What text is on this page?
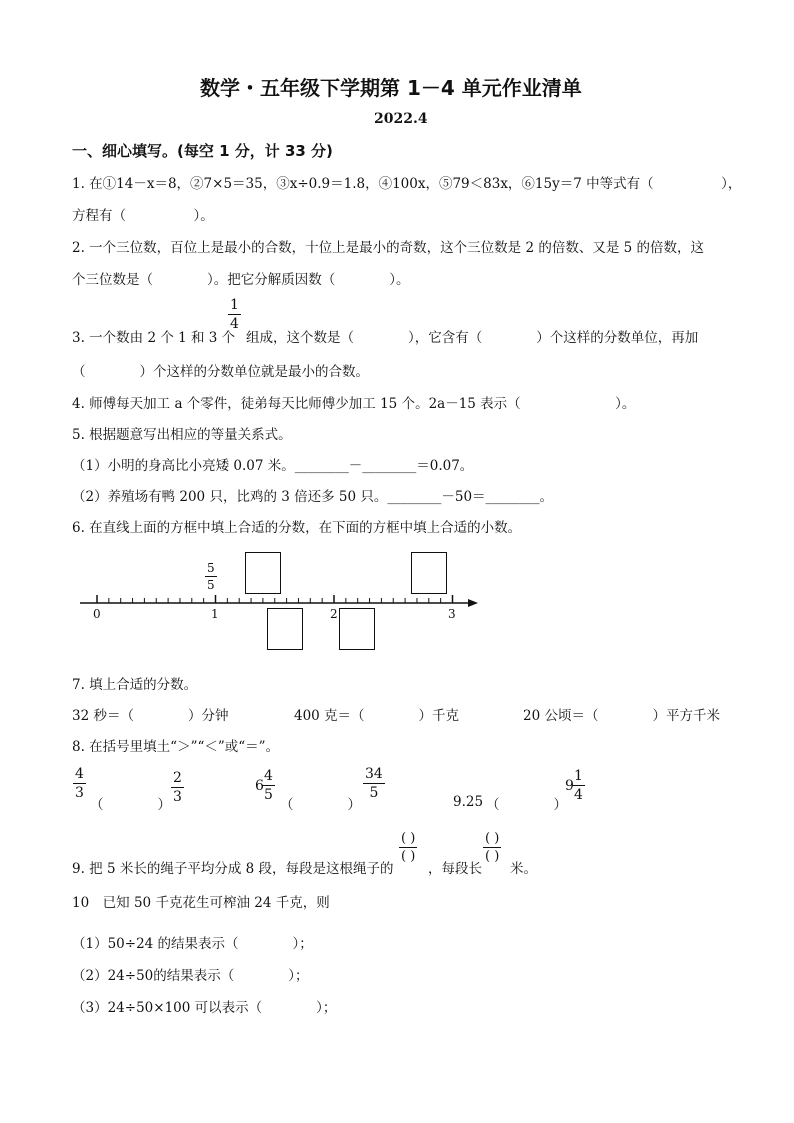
数学・五年级下学期第 1－4 单元作业清单
2022.4
一、细心填写。(每空 1 分，计 33 分)
1. 在①14－x＝8，②7×5＝35，③x÷0.9＝1.8，④100x，⑤79＜83x，⑥15y＝7 中等式有（　　　　　），
方程有（　　　　　）。
2. 一个三位数，百位上是最小的合数，十位上是最小的奇数，这个三位数是 2 的倍数、又是 5 的倍数，这
个三位数是（　　　　）。把它分解质因数（　　　　）。
3. 一个数由 2 个 1 和 3 个
1
4
组成，这个数是（　　　　），它含有（　　　　）个这样的分数单位，再加
（　　　　）个这样的分数单位就是最小的合数。
4. 师傅每天加工 a 个零件，徒弟每天比师傅少加工 15 个。2a－15 表示（　　　　　　　）。
5. 根据题意写出相应的等量关系式。
（1）小明的身高比小亮矮 0.07 米。________－________＝0.07。
（2）养殖场有鸭 200 只，比鸡的 3 倍还多 50 只。________－50＝________。
6. 在直线上面的方框中填上合适的分数，在下面的方框中填上合适的小数。
5
5
0	1	2	3
7. 填上合适的分数。
32 秒＝（　　　　）分钟	400 克＝（　　　　）千克	20 公顷＝（　　　　）平方千米
8. 在括号里填土“＞”“＜”或“＝”。
4
3
（　　　　）
2
3
6
4
5
（　　　　）
34
5
9.25 （　　　　）
9
1
4
9. 把 5 米长的绳子平均分成 8 段，每段是这根绳子的
( )
( )
，每段长
( )
( )
米。
10　已知 50 千克花生可榨油 24 千克，则
（1）50÷24 的结果表示（　　　　）；
（2）24÷50的结果表示（　　　　）；
（3）24÷50×100 可以表示（　　　　）；
